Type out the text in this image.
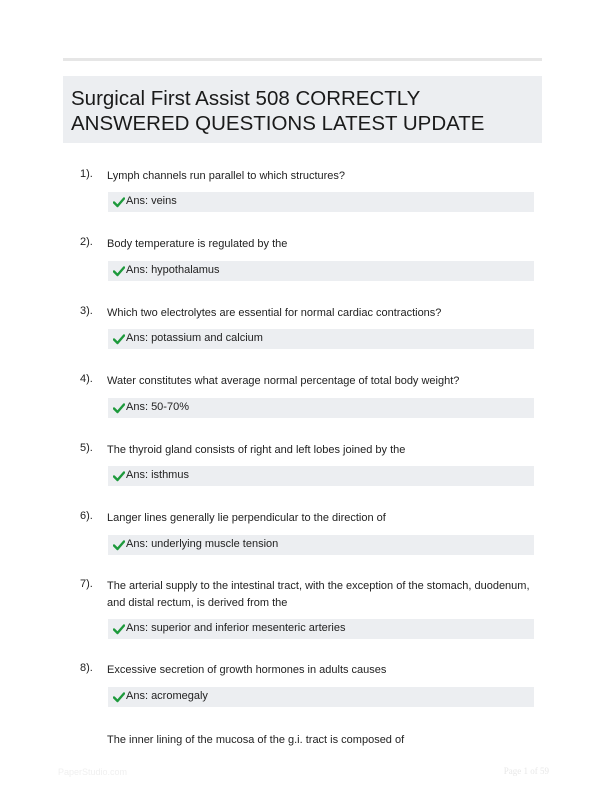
Surgical First Assist 508 CORRECTLY ANSWERED QUESTIONS LATEST UPDATE
1). Lymph channels run parallel to which structures?
Ans: veins
2). Body temperature is regulated by the
Ans: hypothalamus
3). Which two electrolytes are essential for normal cardiac contractions?
Ans: potassium and calcium
4). Water constitutes what average normal percentage of total body weight?
Ans: 50-70%
5). The thyroid gland consists of right and left lobes joined by the
Ans: isthmus
6). Langer lines generally lie perpendicular to the direction of
Ans: underlying muscle tension
7). The arterial supply to the intestinal tract, with the exception of the stomach, duodenum, and distal rectum, is derived from the
Ans: superior and inferior mesenteric arteries
8). Excessive secretion of growth hormones in adults causes
Ans: acromegaly
The inner lining of the mucosa of the g.i. tract is composed of
PaperStudio.com	Page 1 of 59
